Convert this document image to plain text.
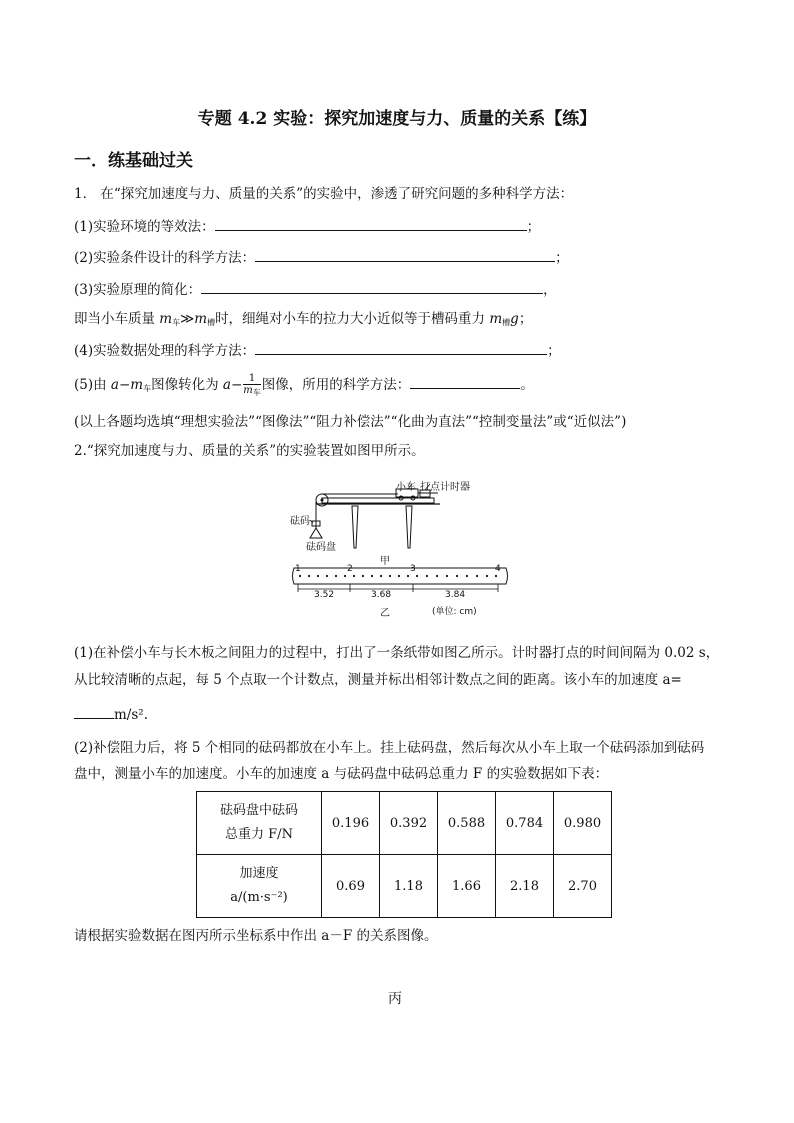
专题 4.2 实验：探究加速度与力、质量的关系【练】
一．练基础过关
1． 在“探究加速度与力、质量的关系”的实验中，渗透了研究问题的多种科学方法：
(1)实验环境的等效法：	；
(2)实验条件设计的科学方法：	；
(3)实验原理的简化：	，
即当小车质量 $m_车≫m_槽$时，细绳对小车的拉力大小近似等于槽码重力 $m_槽g$；
(4)实验数据处理的科学方法：	；
(5)由 $a-m_车$图像转化为 $a- \frac{1}{m_车}$ 图像，所用的科学方法：	。
(以上各题均选填“理想实验法”“图像法”“阻力补偿法”“化曲为直法”“控制变量法”或“近似法”)
2.“探究加速度与力、质量的关系”的实验装置如图甲所示。
小车 打点计时器
砝码
砝码盘
甲
1	2	3	4
3.52	3.68	3.84
(单位: cm)
乙
(1)在补偿小车与长木板之间阻力的过程中，打出了一条纸带如图乙所示。计时器打点的时间间隔为 0.02 s，
从比较清晰的点起，每 5 个点取一个计数点，测量并标出相邻计数点之间的距离。该小车的加速度 a=
m/s².
(2)补偿阻力后，将 5 个相同的砝码都放在小车上。挂上砝码盘，然后每次从小车上取一个砝码添加到砝码
盘中，测量小车的加速度。小车的加速度 a 与砝码盘中砝码总重力 F 的实验数据如下表：
砝码盘中砝码
总重力 F/N	0.196	0.392	0.588	0.784	0.980

加速度
a/(m·s⁻²)	0.69	1.18	1.66	2.18	2.70
请根据实验数据在图丙所示坐标系中作出 a－F 的关系图像。
丙
